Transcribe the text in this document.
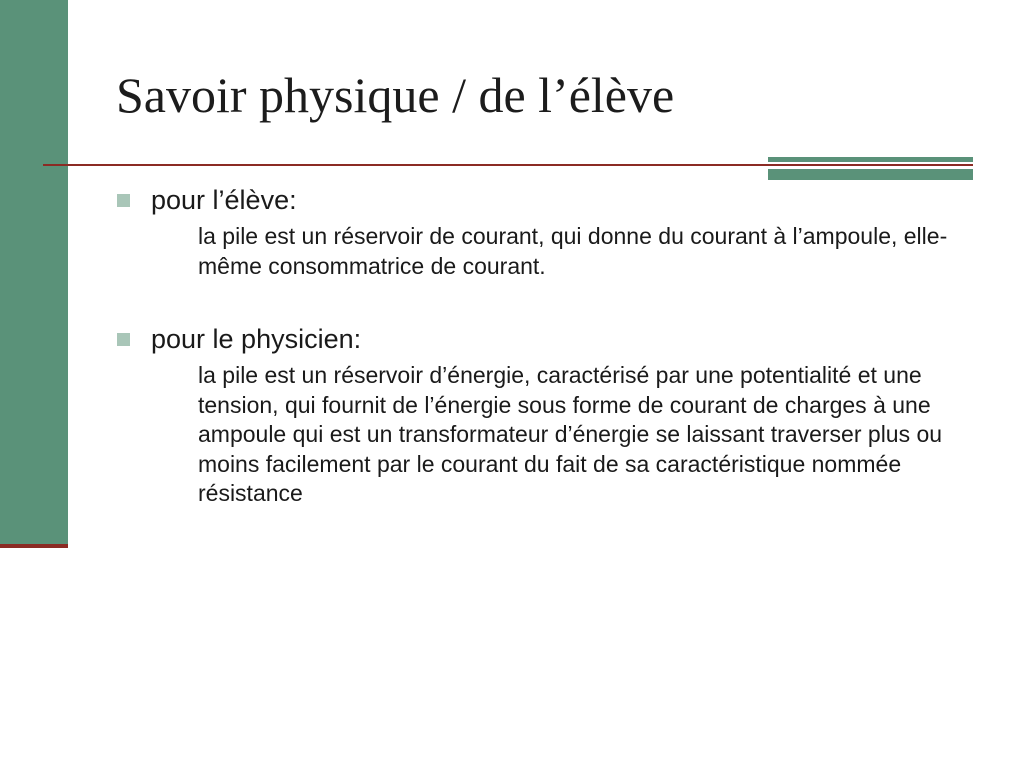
Savoir physique / de l’élève

pour l’élève:

la pile est un réservoir de courant, qui donne du courant à l’ampoule, elle-même consommatrice de courant.

pour le physicien:

la pile est un réservoir d’énergie, caractérisé par une potentialité et une tension, qui fournit de l’énergie sous forme de courant de charges à une ampoule qui est un transformateur d’énergie se laissant traverser plus ou moins facilement par le courant du fait de sa caractéristique nommée résistance
